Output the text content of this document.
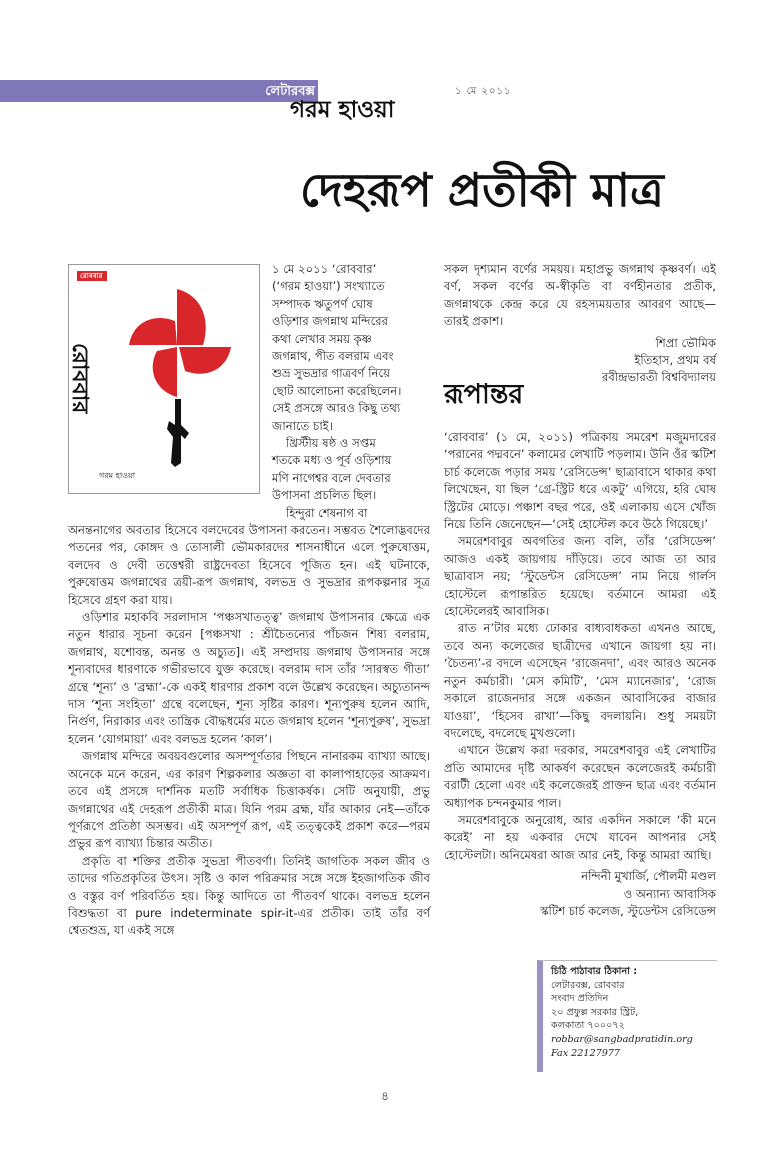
লেটারবক্স
গরম হাওয়া
১ মে ২০১১
দেহরূপ প্রতীকী মাত্র
রোববার
রোববার
গরম হাওয়া
১ মে ২০১১ ‘রোববার’
(‘গরম হাওয়া’) সংখ্যাতে
সম্পাদক ঋতুপর্ণ ঘোষ
ওড়িশার জগন্নাথ মন্দিরের
কথা লেখার সময় কৃষ্ণ
জগন্নাথ, পীত বলরাম এবং
শুভ্র সুভদ্রার গাত্রবর্ণ নিয়ে
ছোট আলোচনা করেছিলেন।
সেই প্রসঙ্গে আরও কিছু তথ্য
জানাতে চাই।
খ্রিস্টীয় ষষ্ঠ ও সপ্তম
শতকে মধ্য ও পূর্ব ওড়িশায়
মণি নাগেশ্বর বলে দেবতার
উপাসনা প্রচলিত ছিল।
হিন্দুরা শেষনাগ বা

অনন্তনাগের অবতার হিসেবে বলদেবের উপাসনা করতেন। সম্ভবত শৈলোদ্ভবদের পতনের পর, কোঙ্গদ ও তোসালী ভৌমকারদের শাসনাধীনে এলে পুরুষোত্তম, বলদেব ও দেবী তত্তেশ্বরী রাষ্ট্রদেবতা হিসেবে পূজিত হন। এই ঘটনাকে, পুরুষোত্তম জগন্নাথের ত্রয়ী-রূপ জগন্নাথ, বলভদ্র ও সুভদ্রার রূপকল্পনার সূত্র হিসেবে গ্রহণ করা যায়।

ওড়িশার মহাকবি সরলাদাস ‘পঞ্চসখাতত্ত্ব’ জগন্নাথ উপাসনার ক্ষেত্রে এক নতুন ধারার সূচনা করেন [পঞ্চসখা : শ্রীচৈতন্যের পাঁচজন শিষ্য বলরাম, জগন্নাথ, যশোবন্ত, অনন্ত ও অচ্যুত]। এই সম্প্রদায় জগন্নাথ উপাসনার সঙ্গে শূন্যবাদের ধারণাকে গভীরভাবে যুক্ত করেছে। বলরাম দাস তাঁর ‘সারস্বত গীতা’ গ্রন্থে ‘শূন্য’ ও ‘ব্রহ্মা’-কে একই ধারণার প্রকাশ বলে উল্লেখ করেছেন। অচ্যুতানন্দ দাস ‘শূন্য সংহিতা’ গ্রন্থে বলেছেন, শূন্য সৃষ্টির কারণ। শূন্যপুরুষ হলেন আদি, নির্গুণ, নিরাকার এবং তান্ত্রিক বৌদ্ধধর্মের মতে জগন্নাথ হলেন ‘শূন্যপুরুষ’, সুভদ্রা হলেন ‘যোগমায়া’ এবং বলভদ্র হলেন ‘কাল’।

জগন্নাথ মন্দিরে অবয়বগুলোর অসম্পূর্ণতার পিছনে নানারকম ব্যাখ্যা আছে। অনেকে মনে করেন, এর কারণ শিল্পকলার অজ্ঞতা বা কালাপাহাড়ের আক্রমণ। তবে এই প্রসঙ্গে দার্শনিক মতটি সর্বাধিক চিত্তাকর্ষক। সেটি অনুযায়ী, প্রভু জগন্নাথের এই দেহরূপ প্রতীকী মাত্র। যিনি পরম ব্রহ্ম, যাঁর আকার নেই—তাঁকে পূর্ণরূপে প্রতিষ্ঠা অসম্ভব। এই অসম্পূর্ণ রূপ, এই তত্ত্বকেই প্রকাশ করে—পরম প্রভুর রূপ ব্যাখ্যা চিন্তার অতীত।

প্রকৃতি বা শক্তির প্রতীক সুভদ্রা পীতবর্ণা। তিনিই জাগতিক সকল জীব ও তাদের গতিপ্রকৃতির উৎস। সৃষ্টি ও কাল পরিক্রমার সঙ্গে সঙ্গে ইহজাগতিক জীব ও বস্তুর বর্ণ পরিবর্তিত হয়। কিন্তু আদিতে তা পীতবর্ণ থাকে। বলভদ্র হলেন বিশুদ্ধতা বা pure indeterminate spir-it-এর প্রতীক। তাই তাঁর বর্ণ শ্বেতশুভ্র, যা একই সঙ্গে

সকল দৃশ্যমান বর্ণের সময়য়। মহাপ্রভু জগন্নাথ কৃষ্ণবর্ণ। এই বর্ণ, সকল বর্ণের অ-স্বীকৃতি বা বর্ণহীনতার প্রতীক, জগন্নাথকে কেন্দ্র করে যে রহস্যময়তার আবরণ আছে—তারই প্রকাশ।

শিপ্রা ভৌমিক
ইতিহাস, প্রথম বর্ষ
রবীন্দ্রভারতী বিশ্ববিদ্যালয়
রূপান্তর

‘রোববার’ (১ মে, ২০১১) পত্রিকায় সমরেশ মজুমদারের ‘পরানের পদ্মবনে’ কলামের লেখাটি পড়লাম। উনি ওঁর স্কটিশ চার্চ কলেজে পড়ার সময় ‘রেসিডেন্স’ ছাত্রাবাসে থাকার কথা লিখেছেন, যা ছিল ‘গ্রে-স্ট্রিট ধরে একটু’ এগিয়ে, হরি ঘোষ স্ট্রিটের মোড়ে। পঞ্চাশ বছর পরে, ওই এলাকায় এসে খোঁজ নিয়ে তিনি জেনেছেন—‘সেই হোস্টেল কবে উঠে গিয়েছে।’

সমরেশবাবুর অবগতির জন্য বলি, তাঁর ‘রেসিডেন্স’ আজও একই জায়গায় দাঁড়িয়ে। তবে আজ তা আর ছাত্রাবাস নয়; ‘স্টুডেন্টস রেসিডেন্স’ নাম নিয়ে গার্লস হোস্টেলে রূপান্তরিত হয়েছে। বর্তমানে আমরা এই হোস্টেলেরই আবাসিক।

রাত ন’টার মধ্যে ঢোকার বাধ্যবাধকতা এখনও আছে, তবে অন্য কলেজের ছাত্রীদের এখানে জায়গা হয় না। ‘চৈতন্য’-র বদলে এসেছেন ‘রাজেনদা’, এবং আরও অনেক নতুন কর্মচারী। ‘মেস কমিটি’, ‘মেস ম্যানেজার’, ‘রোজ সকালে রাজেনদার সঙ্গে একজন আবাসিকের বাজার যাওয়া’, ‘হিসেব রাখা’—কিছু বদলায়নি। শুধু সময়টা বদলেছে, বদলেছে মুখগুলো।

এখানে উল্লেখ করা দরকার, সমরেশবাবুর এই লেখাটির প্রতি আমাদের দৃষ্টি আকর্ষণ করেছেন কলেজেরই কর্মচারী বরাটী হেলো এবং এই কলেজেরই প্রাক্তন ছাত্র এবং বর্তমান অধ্যাপক চন্দনকুমার পাল।

সমরেশবাবুকে অনুরোধ, আর একদিন সকালে ‘কী মনে করেই’ না হয় একবার দেখে যাবেন আপনার সেই হোস্টেলটা। অনিমেষরা আজ আর নেই, কিন্তু আমরা আছি।

নন্দিনী মুখার্জি, পৌলমী মণ্ডল
ও অন্যান্য আবাসিক
স্কটিশ চার্চ কলেজ, স্টুডেন্টস রেসিডেন্স
চিঠি পাঠাবার ঠিকানা :
লেটারবক্স, রোববার
সংবাদ প্রতিদিন
২০ প্রফুল্ল সরকার স্ট্রিট,
কলকাতা ৭০০০৭২
robbar@sangbadpratidin.org
Fax 22127977
৪
